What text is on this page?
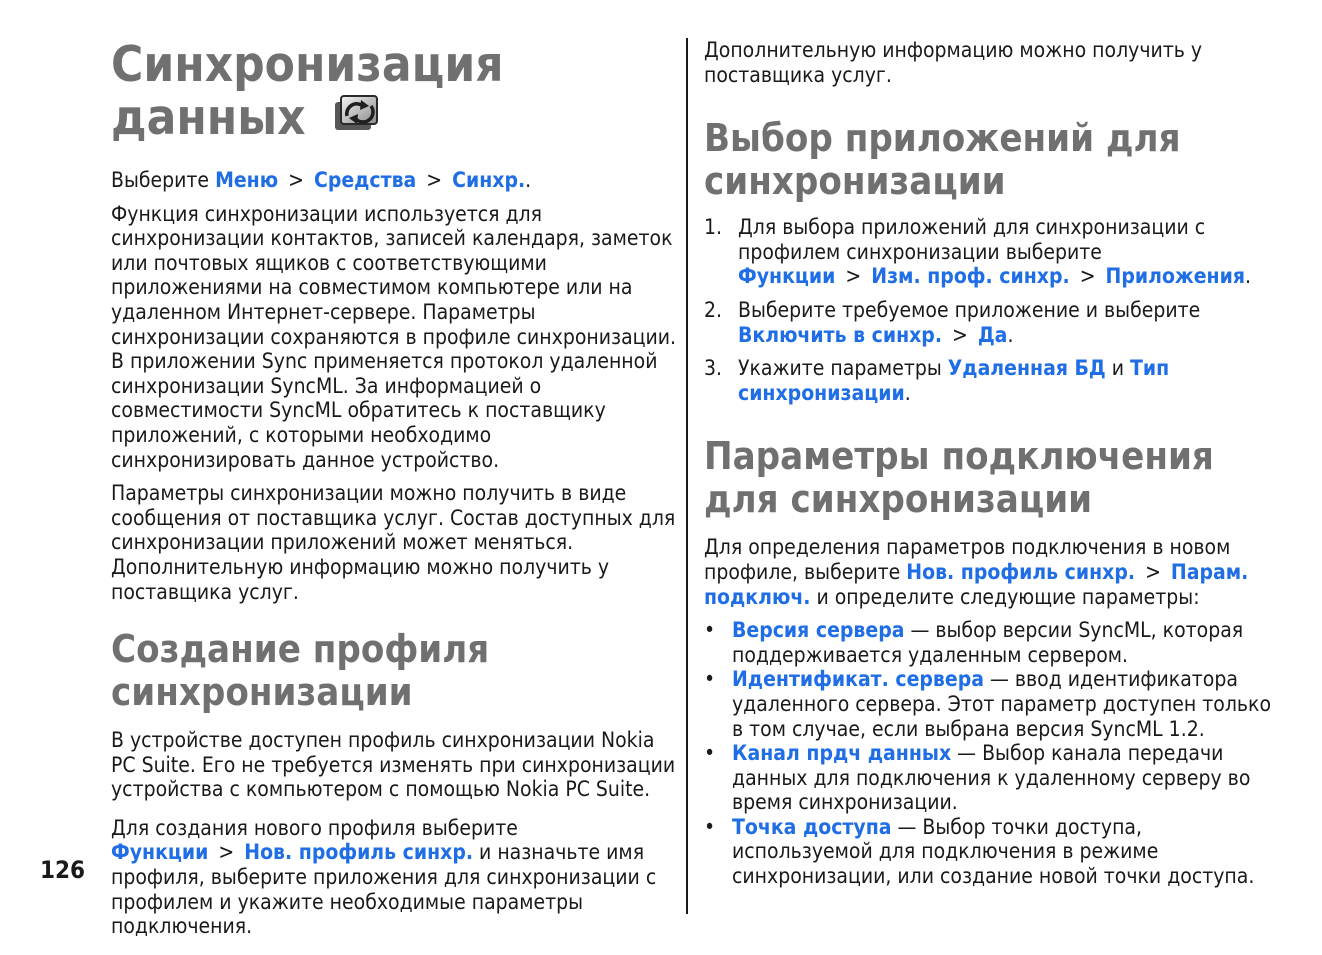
126
Синхронизация
данных

Выберите Меню > Средства > Синхр..

Функция синхронизации используется для синхронизации контактов, записей календаря, заметок или почтовых ящиков с соответствующими приложениями на совместимом компьютере или на удаленном Интернет-сервере. Параметры синхронизации сохраняются в профиле синхронизации. В приложении Sync применяется протокол удаленной синхронизации SyncML. За информацией о совместимости SyncML обратитесь к поставщику приложений, с которыми необходимо синхронизировать данное устройство.

Параметры синхронизации можно получить в виде сообщения от поставщика услуг. Состав доступных для синхронизации приложений может меняться. Дополнительную информацию можно получить у поставщика услуг.

Создание профиля
синхронизации

В устройстве доступен профиль синхронизации Nokia PC Suite. Его не требуется изменять при синхронизации устройства с компьютером с помощью Nokia PC Suite.

Для создания нового профиля выберите Функции > Нов. профиль синхр. и назначьте имя профиля, выберите приложения для синхронизации с профилем и укажите необходимые параметры подключения.

Дополнительную информацию можно получить у поставщика услуг.

Выбор приложений для
синхронизации
1. Для выбора приложений для синхронизации с профилем синхронизации выберите Функции > Изм. проф. синхр. > Приложения.
2. Выберите требуемое приложение и выберите Включить в синхр. > Да.
3. Укажите параметры Удаленная БД и Тип синхронизации.
Параметры подключения
для синхронизации

Для определения параметров подключения в новом профиле, выберите Нов. профиль синхр. > Парам. подключ. и определите следующие параметры:

• Версия сервера — выбор версии SyncML, которая поддерживается удаленным сервером.
• Идентификат. сервера — ввод идентификатора удаленного сервера. Этот параметр доступен только в том случае, если выбрана версия SyncML 1.2.
• Канал прдч данных — Выбор канала передачи данных для подключения к удаленному серверу во время синхронизации.
• Точка доступа — Выбор точки доступа, используемой для подключения в режиме синхронизации, или создание новой точки доступа.
